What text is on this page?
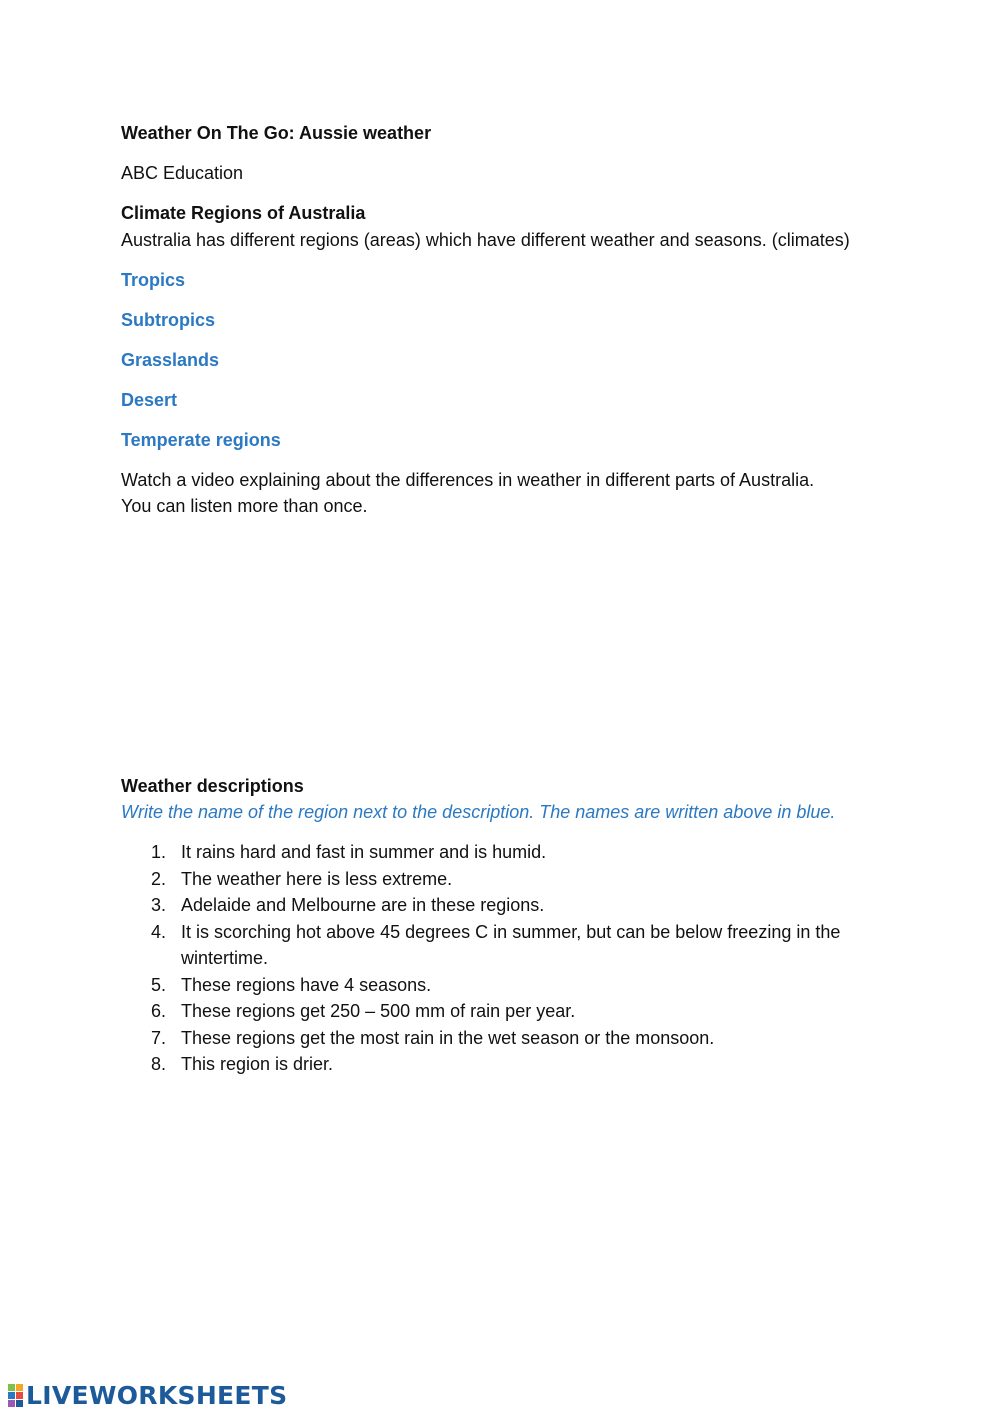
Weather On The Go: Aussie weather
ABC Education
Climate Regions of Australia
Australia has different regions (areas) which have different weather and seasons. (climates)
Tropics
Subtropics
Grasslands
Desert
Temperate regions
Watch a video explaining about the differences in weather in different parts of Australia.
You can listen more than once.
Weather descriptions
Write the name of the region next to the description. The names are written above in blue.
1. It rains hard and fast in summer and is humid.
2. The weather here is less extreme.
3. Adelaide and Melbourne are in these regions.
4. It is scorching hot above 45 degrees C in summer, but can be below freezing in the wintertime.
5. These regions have 4 seasons.
6. These regions get 250 – 500 mm of rain per year.
7. These regions get the most rain in the wet season or the monsoon.
8. This region is drier.
LIVEWORKSHEETS
